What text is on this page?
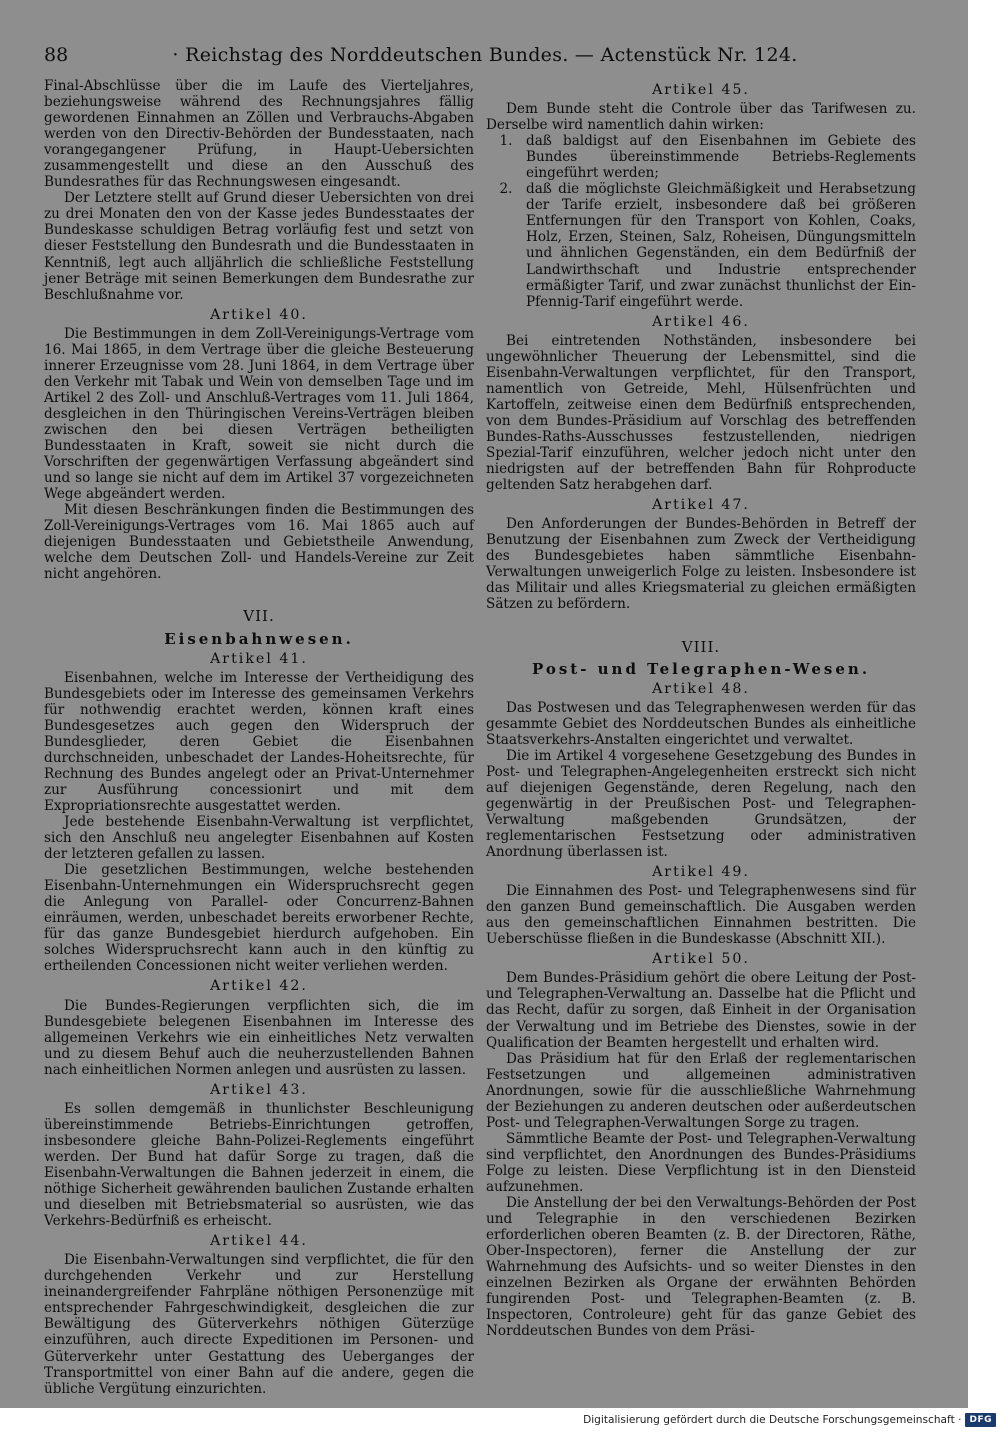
88	· Reichstag des Norddeutschen Bundes. — Actenstück Nr. 124.

Final-Abschlüsse über die im Laufe des Vierteljahres, beziehungsweise während des Rechnungsjahres fällig gewordenen Einnahmen an Zöllen und Verbrauchs-Abgaben werden von den Directiv-Behörden der Bundesstaaten, nach vorangegangener Prüfung, in Haupt-Uebersichten zusammengestellt und diese an den Ausschuß des Bundesrathes für das Rechnungswesen eingesandt.

Der Letztere stellt auf Grund dieser Uebersichten von drei zu drei Monaten den von der Kasse jedes Bundesstaates der Bundeskasse schuldigen Betrag vorläufig fest und setzt von dieser Feststellung den Bundesrath und die Bundesstaaten in Kenntniß, legt auch alljährlich die schließliche Feststellung jener Beträge mit seinen Bemerkungen dem Bundesrathe zur Beschlußnahme vor.

Artikel 40.

Die Bestimmungen in dem Zoll-Vereinigungs-Vertrage vom 16. Mai 1865, in dem Vertrage über die gleiche Besteuerung innerer Erzeugnisse vom 28. Juni 1864, in dem Vertrage über den Verkehr mit Tabak und Wein von demselben Tage und im Artikel 2 des Zoll- und Anschluß-Vertrages vom 11. Juli 1864, desgleichen in den Thüringischen Vereins-Verträgen bleiben zwischen den bei diesen Verträgen betheiligten Bundesstaaten in Kraft, soweit sie nicht durch die Vorschriften der gegenwärtigen Verfassung abgeändert sind und so lange sie nicht auf dem im Artikel 37 vorgezeichneten Wege abgeändert werden.

Mit diesen Beschränkungen finden die Bestimmungen des Zoll-Vereinigungs-Vertrages vom 16. Mai 1865 auch auf diejenigen Bundesstaaten und Gebietstheile Anwendung, welche dem Deutschen Zoll- und Handels-Vereine zur Zeit nicht angehören.

VII.
Eisenbahnwesen.
Artikel 41.

Eisenbahnen, welche im Interesse der Vertheidigung des Bundesgebiets oder im Interesse des gemeinsamen Verkehrs für nothwendig erachtet werden, können kraft eines Bundesgesetzes auch gegen den Widerspruch der Bundesglieder, deren Gebiet die Eisenbahnen durchschneiden, unbeschadet der Landes-Hoheitsrechte, für Rechnung des Bundes angelegt oder an Privat-Unternehmer zur Ausführung concessionirt und mit dem Expropriationsrechte ausgestattet werden.

Jede bestehende Eisenbahn-Verwaltung ist verpflichtet, sich den Anschluß neu angelegter Eisenbahnen auf Kosten der letzteren gefallen zu lassen.

Die gesetzlichen Bestimmungen, welche bestehenden Eisenbahn-Unternehmungen ein Widerspruchsrecht gegen die Anlegung von Parallel- oder Concurrenz-Bahnen einräumen, werden, unbeschadet bereits erworbener Rechte, für das ganze Bundesgebiet hierdurch aufgehoben. Ein solches Widerspruchsrecht kann auch in den künftig zu ertheilenden Concessionen nicht weiter verliehen werden.

Artikel 42.

Die Bundes-Regierungen verpflichten sich, die im Bundesgebiete belegenen Eisenbahnen im Interesse des allgemeinen Verkehrs wie ein einheitliches Netz verwalten und zu diesem Behuf auch die neuherzustellenden Bahnen nach einheitlichen Normen anlegen und ausrüsten zu lassen.

Artikel 43.

Es sollen demgemäß in thunlichster Beschleunigung übereinstimmende Betriebs-Einrichtungen getroffen, insbesondere gleiche Bahn-Polizei-Reglements eingeführt werden. Der Bund hat dafür Sorge zu tragen, daß die Eisenbahn-Verwaltungen die Bahnen jederzeit in einem, die nöthige Sicherheit gewährenden baulichen Zustande erhalten und dieselben mit Betriebsmaterial so ausrüsten, wie das Verkehrs-Bedürfniß es erheischt.

Artikel 44.

Die Eisenbahn-Verwaltungen sind verpflichtet, die für den durchgehenden Verkehr und zur Herstellung ineinandergreifender Fahrpläne nöthigen Personenzüge mit entsprechender Fahrgeschwindigkeit, desgleichen die zur Bewältigung des Güterverkehrs nöthigen Güterzüge einzuführen, auch directe Expeditionen im Personen- und Güterverkehr unter Gestattung des Ueberganges der Transportmittel von einer Bahn auf die andere, gegen die übliche Vergütung einzurichten.

Artikel 45.

Dem Bunde steht die Controle über das Tarifwesen zu. Derselbe wird namentlich dahin wirken:

1. daß baldigst auf den Eisenbahnen im Gebiete des Bundes übereinstimmende Betriebs-Reglements eingeführt werden;
2. daß die möglichste Gleichmäßigkeit und Herabsetzung der Tarife erzielt, insbesondere daß bei größeren Entfernungen für den Transport von Kohlen, Coaks, Holz, Erzen, Steinen, Salz, Roheisen, Düngungsmitteln und ähnlichen Gegenständen, ein dem Bedürfniß der Landwirthschaft und Industrie entsprechender ermäßigter Tarif, und zwar zunächst thunlichst der Ein-Pfennig-Tarif eingeführt werde.
Artikel 46.

Bei eintretenden Nothständen, insbesondere bei ungewöhnlicher Theuerung der Lebensmittel, sind die Eisenbahn-Verwaltungen verpflichtet, für den Transport, namentlich von Getreide, Mehl, Hülsenfrüchten und Kartoffeln, zeitweise einen dem Bedürfniß entsprechenden, von dem Bundes-Präsidium auf Vorschlag des betreffenden Bundes-Raths-Ausschusses festzustellenden, niedrigen Spezial-Tarif einzuführen, welcher jedoch nicht unter den niedrigsten auf der betreffenden Bahn für Rohproducte geltenden Satz herabgehen darf.

Artikel 47.

Den Anforderungen der Bundes-Behörden in Betreff der Benutzung der Eisenbahnen zum Zweck der Vertheidigung des Bundesgebietes haben sämmtliche Eisenbahn-Verwaltungen unweigerlich Folge zu leisten. Insbesondere ist das Militair und alles Kriegsmaterial zu gleichen ermäßigten Sätzen zu befördern.

VIII.
Post- und Telegraphen-Wesen.
Artikel 48.

Das Postwesen und das Telegraphenwesen werden für das gesammte Gebiet des Norddeutschen Bundes als einheitliche Staatsverkehrs-Anstalten eingerichtet und verwaltet.

Die im Artikel 4 vorgesehene Gesetzgebung des Bundes in Post- und Telegraphen-Angelegenheiten erstreckt sich nicht auf diejenigen Gegenstände, deren Regelung, nach den gegenwärtig in der Preußischen Post- und Telegraphen-Verwaltung maßgebenden Grundsätzen, der reglementarischen Festsetzung oder administrativen Anordnung überlassen ist.

Artikel 49.

Die Einnahmen des Post- und Telegraphenwesens sind für den ganzen Bund gemeinschaftlich. Die Ausgaben werden aus den gemeinschaftlichen Einnahmen bestritten. Die Ueberschüsse fließen in die Bundeskasse (Abschnitt XII.).

Artikel 50.

Dem Bundes-Präsidium gehört die obere Leitung der Post- und Telegraphen-Verwaltung an. Dasselbe hat die Pflicht und das Recht, dafür zu sorgen, daß Einheit in der Organisation der Verwaltung und im Betriebe des Dienstes, sowie in der Qualification der Beamten hergestellt und erhalten wird.

Das Präsidium hat für den Erlaß der reglementarischen Festsetzungen und allgemeinen administrativen Anordnungen, sowie für die ausschließliche Wahrnehmung der Beziehungen zu anderen deutschen oder außerdeutschen Post- und Telegraphen-Verwaltungen Sorge zu tragen.

Sämmtliche Beamte der Post- und Telegraphen-Verwaltung sind verpflichtet, den Anordnungen des Bundes-Präsidiums Folge zu leisten. Diese Verpflichtung ist in den Diensteid aufzunehmen.

Die Anstellung der bei den Verwaltungs-Behörden der Post und Telegraphie in den verschiedenen Bezirken erforderlichen oberen Beamten (z. B. der Directoren, Räthe, Ober-Inspectoren), ferner die Anstellung der zur Wahrnehmung des Aufsichts- und so weiter Dienstes in den einzelnen Bezirken als Organe der erwähnten Behörden fungirenden Post- und Telegraphen-Beamten (z. B. Inspectoren, Controleure) geht für das ganze Gebiet des Norddeutschen Bundes von dem Präsi-

Digitalisierung gefördert durch die Deutsche Forschungsgemeinschaft · DFG
